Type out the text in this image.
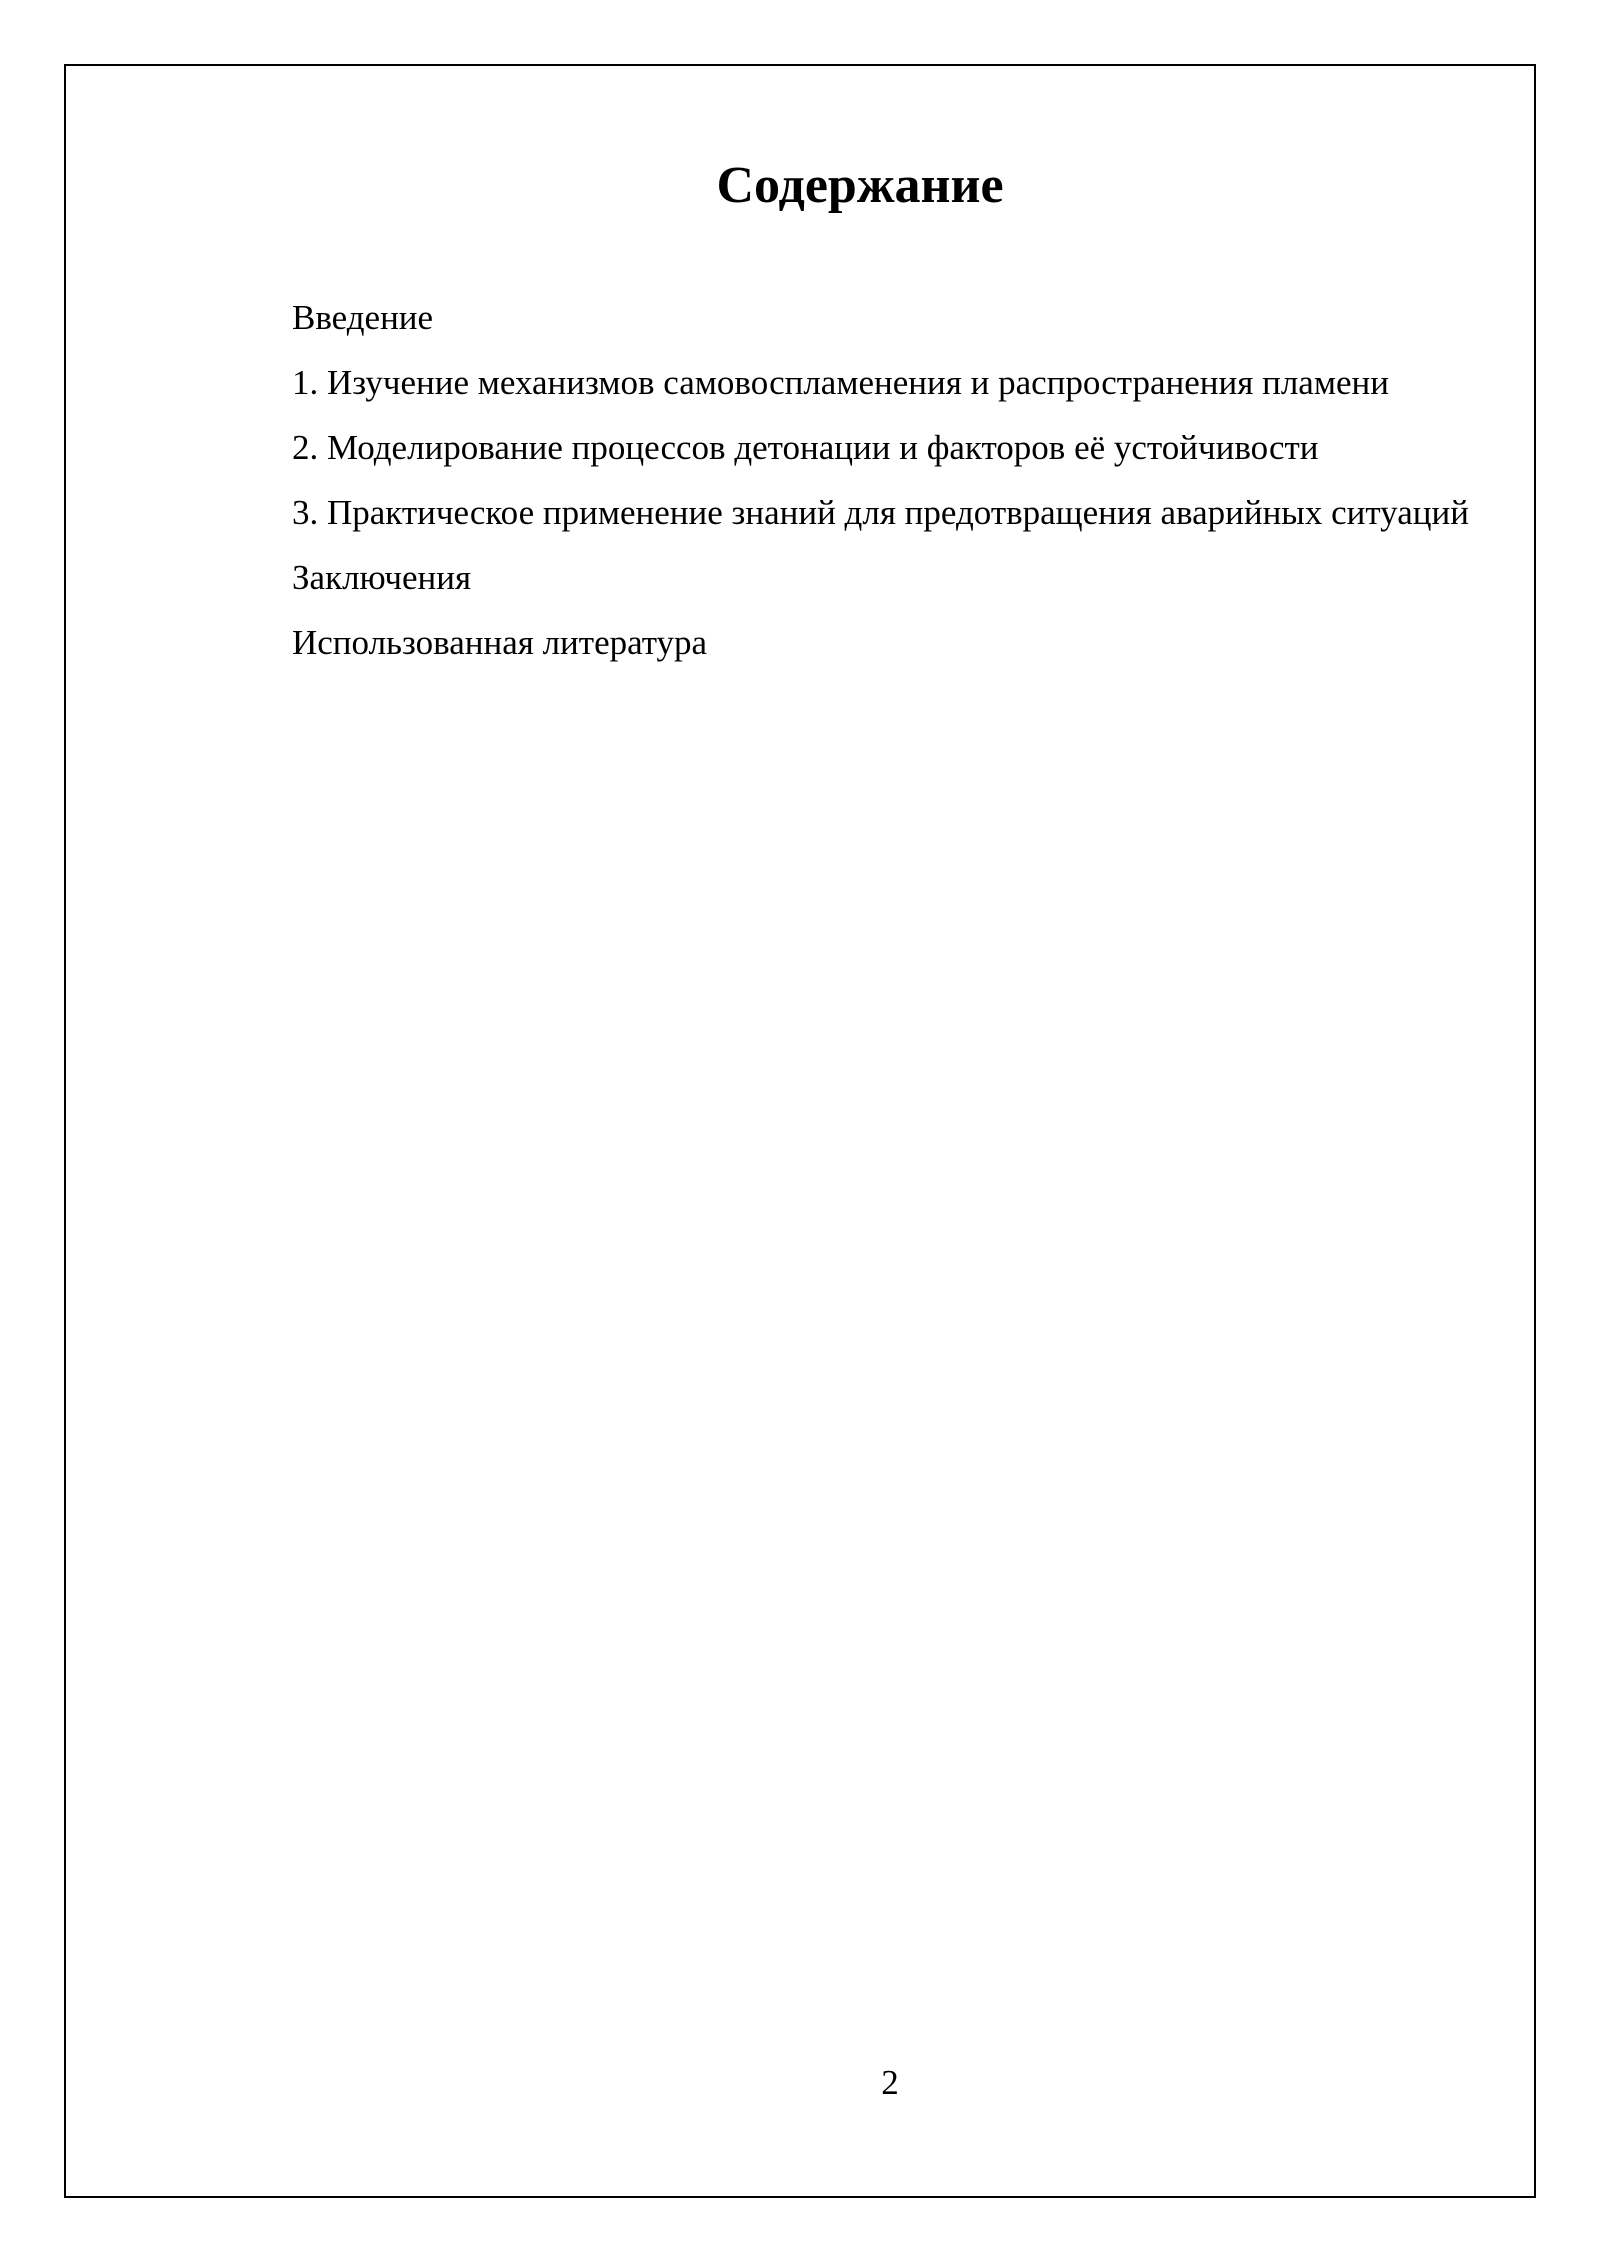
Содержание
Введение
1. Изучение механизмов самовоспламенения и распространения пламени
2. Моделирование процессов детонации и факторов её устойчивости
3. Практическое применение знаний для предотвращения аварийных ситуаций
Заключения
Использованная литература
2
